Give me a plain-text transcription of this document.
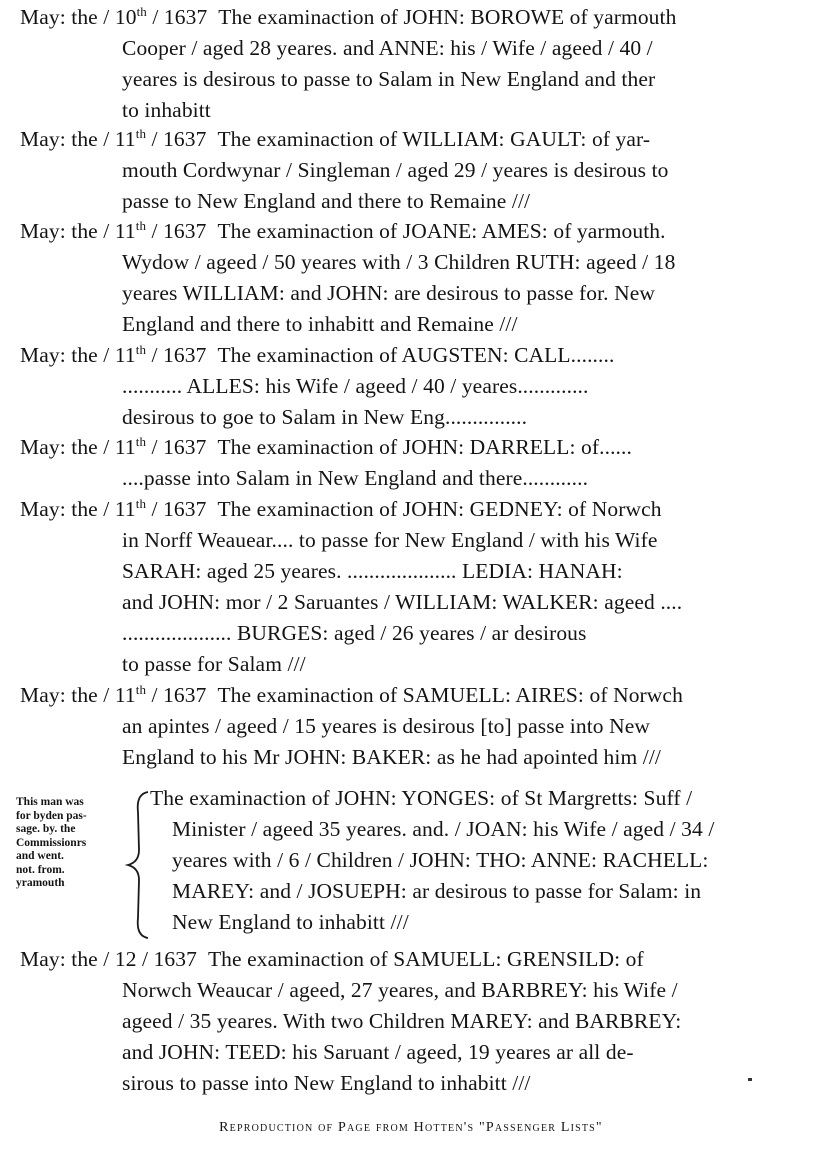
May: the / 10th / 1637 The examinaction of JOHN: BOROWE of yarmouth
Cooper / aged 28 yeares. and ANNE: his / Wife / ageed / 40 /
yeares is desirous to passe to Salam in New England and ther
to inhabitt
May: the / 11th / 1637 The examinaction of WILLIAM: GAULT: of yar-
mouth Cordwynar / Singleman / aged 29 / yeares is desirous to
passe to New England and there to Remaine ///
May: the / 11th / 1637 The examinaction of JOANE: AMES: of yarmouth.
Wydow / ageed / 50 yeares with / 3 Children RUTH: ageed / 18
yeares WILLIAM: and JOHN: are desirous to passe for. New
England and there to inhabitt and Remaine ///
May: the / 11th / 1637 The examinaction of AUGSTEN: CALL........
........... ALLES: his Wife / ageed / 40 / yeares.............
desirous to goe to Salam in New Eng...............
May: the / 11th / 1637 The examinaction of JOHN: DARRELL: of......
....passe into Salam in New England and there............
May: the / 11th / 1637 The examinaction of JOHN: GEDNEY: of Norwch
in Norff Weauear.... to passe for New England / with his Wife
SARAH: aged 25 yeares. .................... LEDIA: HANAH:
and JOHN: mor / 2 Saruantes / WILLIAM: WALKER: ageed ....
.................... BURGES: aged / 26 yeares / ar desirous
to passe for Salam ///
May: the / 11th / 1637 The examinaction of SAMUELL: AIRES: of Norwch
an apintes / ageed / 15 yeares is desirous [to] passe into New
England to his Mr JOHN: BAKER: as he had apointed him ///
This man was
for byden pas-
sage. by. the
Commissionrs
and went.
not. from.
yramouth
The examinaction of JOHN: YONGES: of St Margretts: Suff /
Minister / ageed 35 yeares. and. / JOAN: his Wife / aged / 34 /
yeares with / 6 / Children / JOHN: THO: ANNE: RACHELL:
MAREY: and / JOSUEPH: ar desirous to passe for Salam: in
New England to inhabitt ///
May: the / 12 / 1637 The examinaction of SAMUELL: GRENSILD: of
Norwch Weaucar / ageed, 27 yeares, and BARBREY: his Wife /
ageed / 35 yeares. With two Children MAREY: and BARBREY:
and JOHN: TEED: his Saruant / ageed, 19 yeares ar all de-
sirous to passe into New England to inhabitt ///
Reproduction of Page from Hotten's "Passenger Lists"
